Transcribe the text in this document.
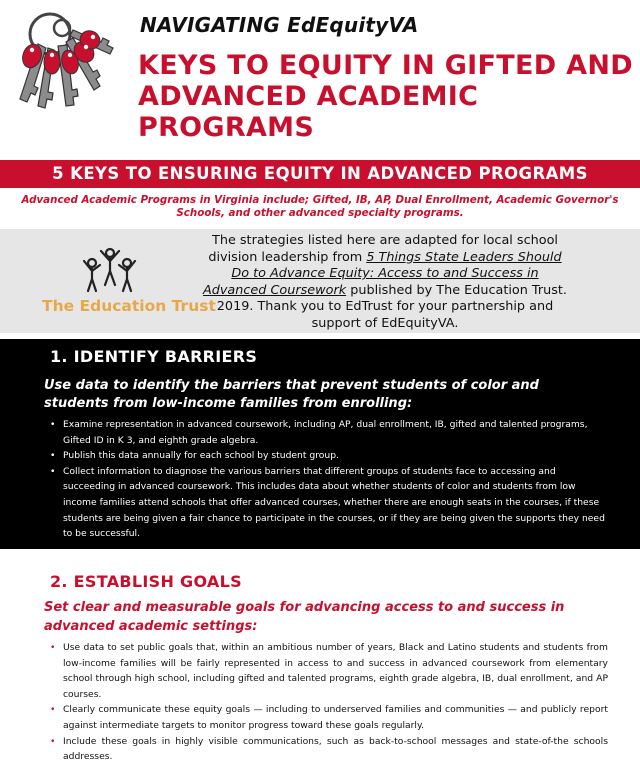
NAVIGATING EdEquityVA
KEYS TO EQUITY IN GIFTED AND ADVANCED ACADEMIC PROGRAMS
5 KEYS TO ENSURING EQUITY IN ADVANCED PROGRAMS
Advanced Academic Programs in Virginia include; Gifted, IB, AP, Dual Enrollment, Academic Governor's Schools, and other advanced specialty programs.
The Education Trust
The strategies listed here are adapted for local school division leadership from 5 Things State Leaders Should Do to Advance Equity: Access to and Success in Advanced Coursework published by The Education Trust. 2019. Thank you to EdTrust for your partnership and support of EdEquityVA.
1. IDENTIFY BARRIERS
Use data to identify the barriers that prevent students of color and students from low-income families from enrolling:
• Examine representation in advanced coursework, including AP, dual enrollment, IB, gifted and talented programs, Gifted ID in K 3, and eighth grade algebra.
• Publish this data annually for each school by student group.
• Collect information to diagnose the various barriers that different groups of students face to accessing and succeeding in advanced coursework. This includes data about whether students of color and students from low income families attend schools that offer advanced courses, whether there are enough seats in the courses, if these students are being given a fair chance to participate in the courses, or if they are being given the supports they need to be successful.
2. ESTABLISH GOALS
Set clear and measurable goals for advancing access to and success in advanced academic settings:
• Use data to set public goals that, within an ambitious number of years, Black and Latino students and students from low-income families will be fairly represented in access to and success in advanced coursework from elementary school through high school, including gifted and talented programs, eighth grade algebra, IB, dual enrollment, and AP courses.
• Clearly communicate these equity goals — including to underserved families and communities — and publicly report against intermediate targets to monitor progress toward these goals regularly.
• Include these goals in highly visible communications, such as back-to-school messages and state-of-the schools addresses.
